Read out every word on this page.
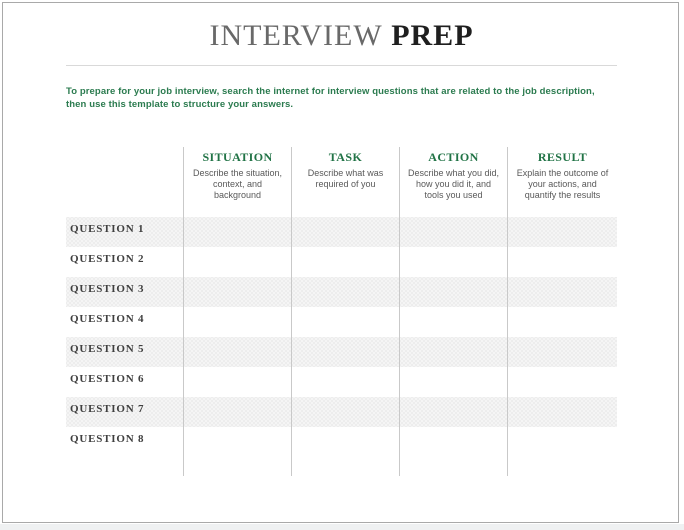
INTERVIEW PREP

To prepare for your job interview, search the internet for interview questions that are related to the job description, then use this template to structure your answers.

SITUATION
Describe the situation, context, and background
TASK
Describe what was required of you
ACTION
Describe what you did, how you did it, and tools you used
RESULT
Explain the outcome of your actions, and quantify the results
QUESTION 1
QUESTION 2
QUESTION 3
QUESTION 4
QUESTION 5
QUESTION 6
QUESTION 7
QUESTION 8
